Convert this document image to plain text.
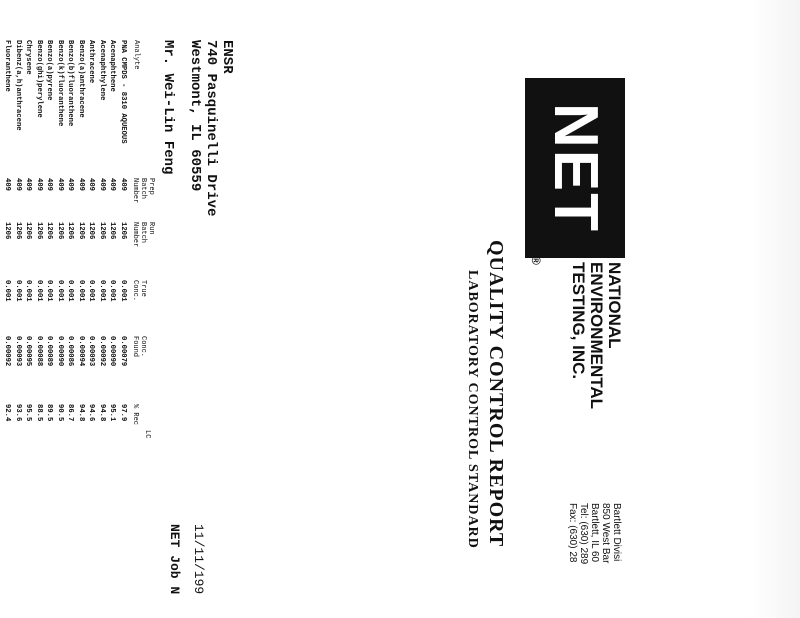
NET
®
NATIONAL
ENVIRONMENTAL
TESTING, INC.
Bartlett Divisi
850 West Bar
Bartlett, IL 60
Tel: (630) 289
Fax: (630) 28
QUALITY CONTROL REPORT
LABORATORY CONTROL STANDARD
ENSR
740 Pasquinelli Drive
Westmont, IL 60559
Mr. Wei-Lin Feng
11/11/199
NET Job N
Analyte
Prep
Batch
Number
Run
Batch
Number
True
Conc.
Conc.
Found
% Rec
LC
PNA CMPDS - 8310 AQUEOUS
409
1206
0.001
0.00079
97.9
Acenaphthene
409
1206
0.001
0.00090
95.1
Acenaphthylene
409
1206
0.001
0.00092
94.8
Anthracene
409
1206
0.001
0.00093
94.6
Benzo(a)anthracene
409
1206
0.001
0.00094
94.8
Benzo(b)fluoranthene
409
1206
0.001
0.00086
86.7
Benzo(k)fluoranthene
409
1206
0.001
0.00090
90.5
Benzo(a)pyrene
409
1206
0.001
0.00089
89.5
Benzo(ghi)perylene
409
1206
0.001
0.00088
88.5
Chrysene
409
1206
0.001
0.00095
95.5
Dibenz(a,h)anthracene
409
1206
0.001
0.00093
93.6
Fluoranthene
409
1206
0.001
0.00092
92.4
